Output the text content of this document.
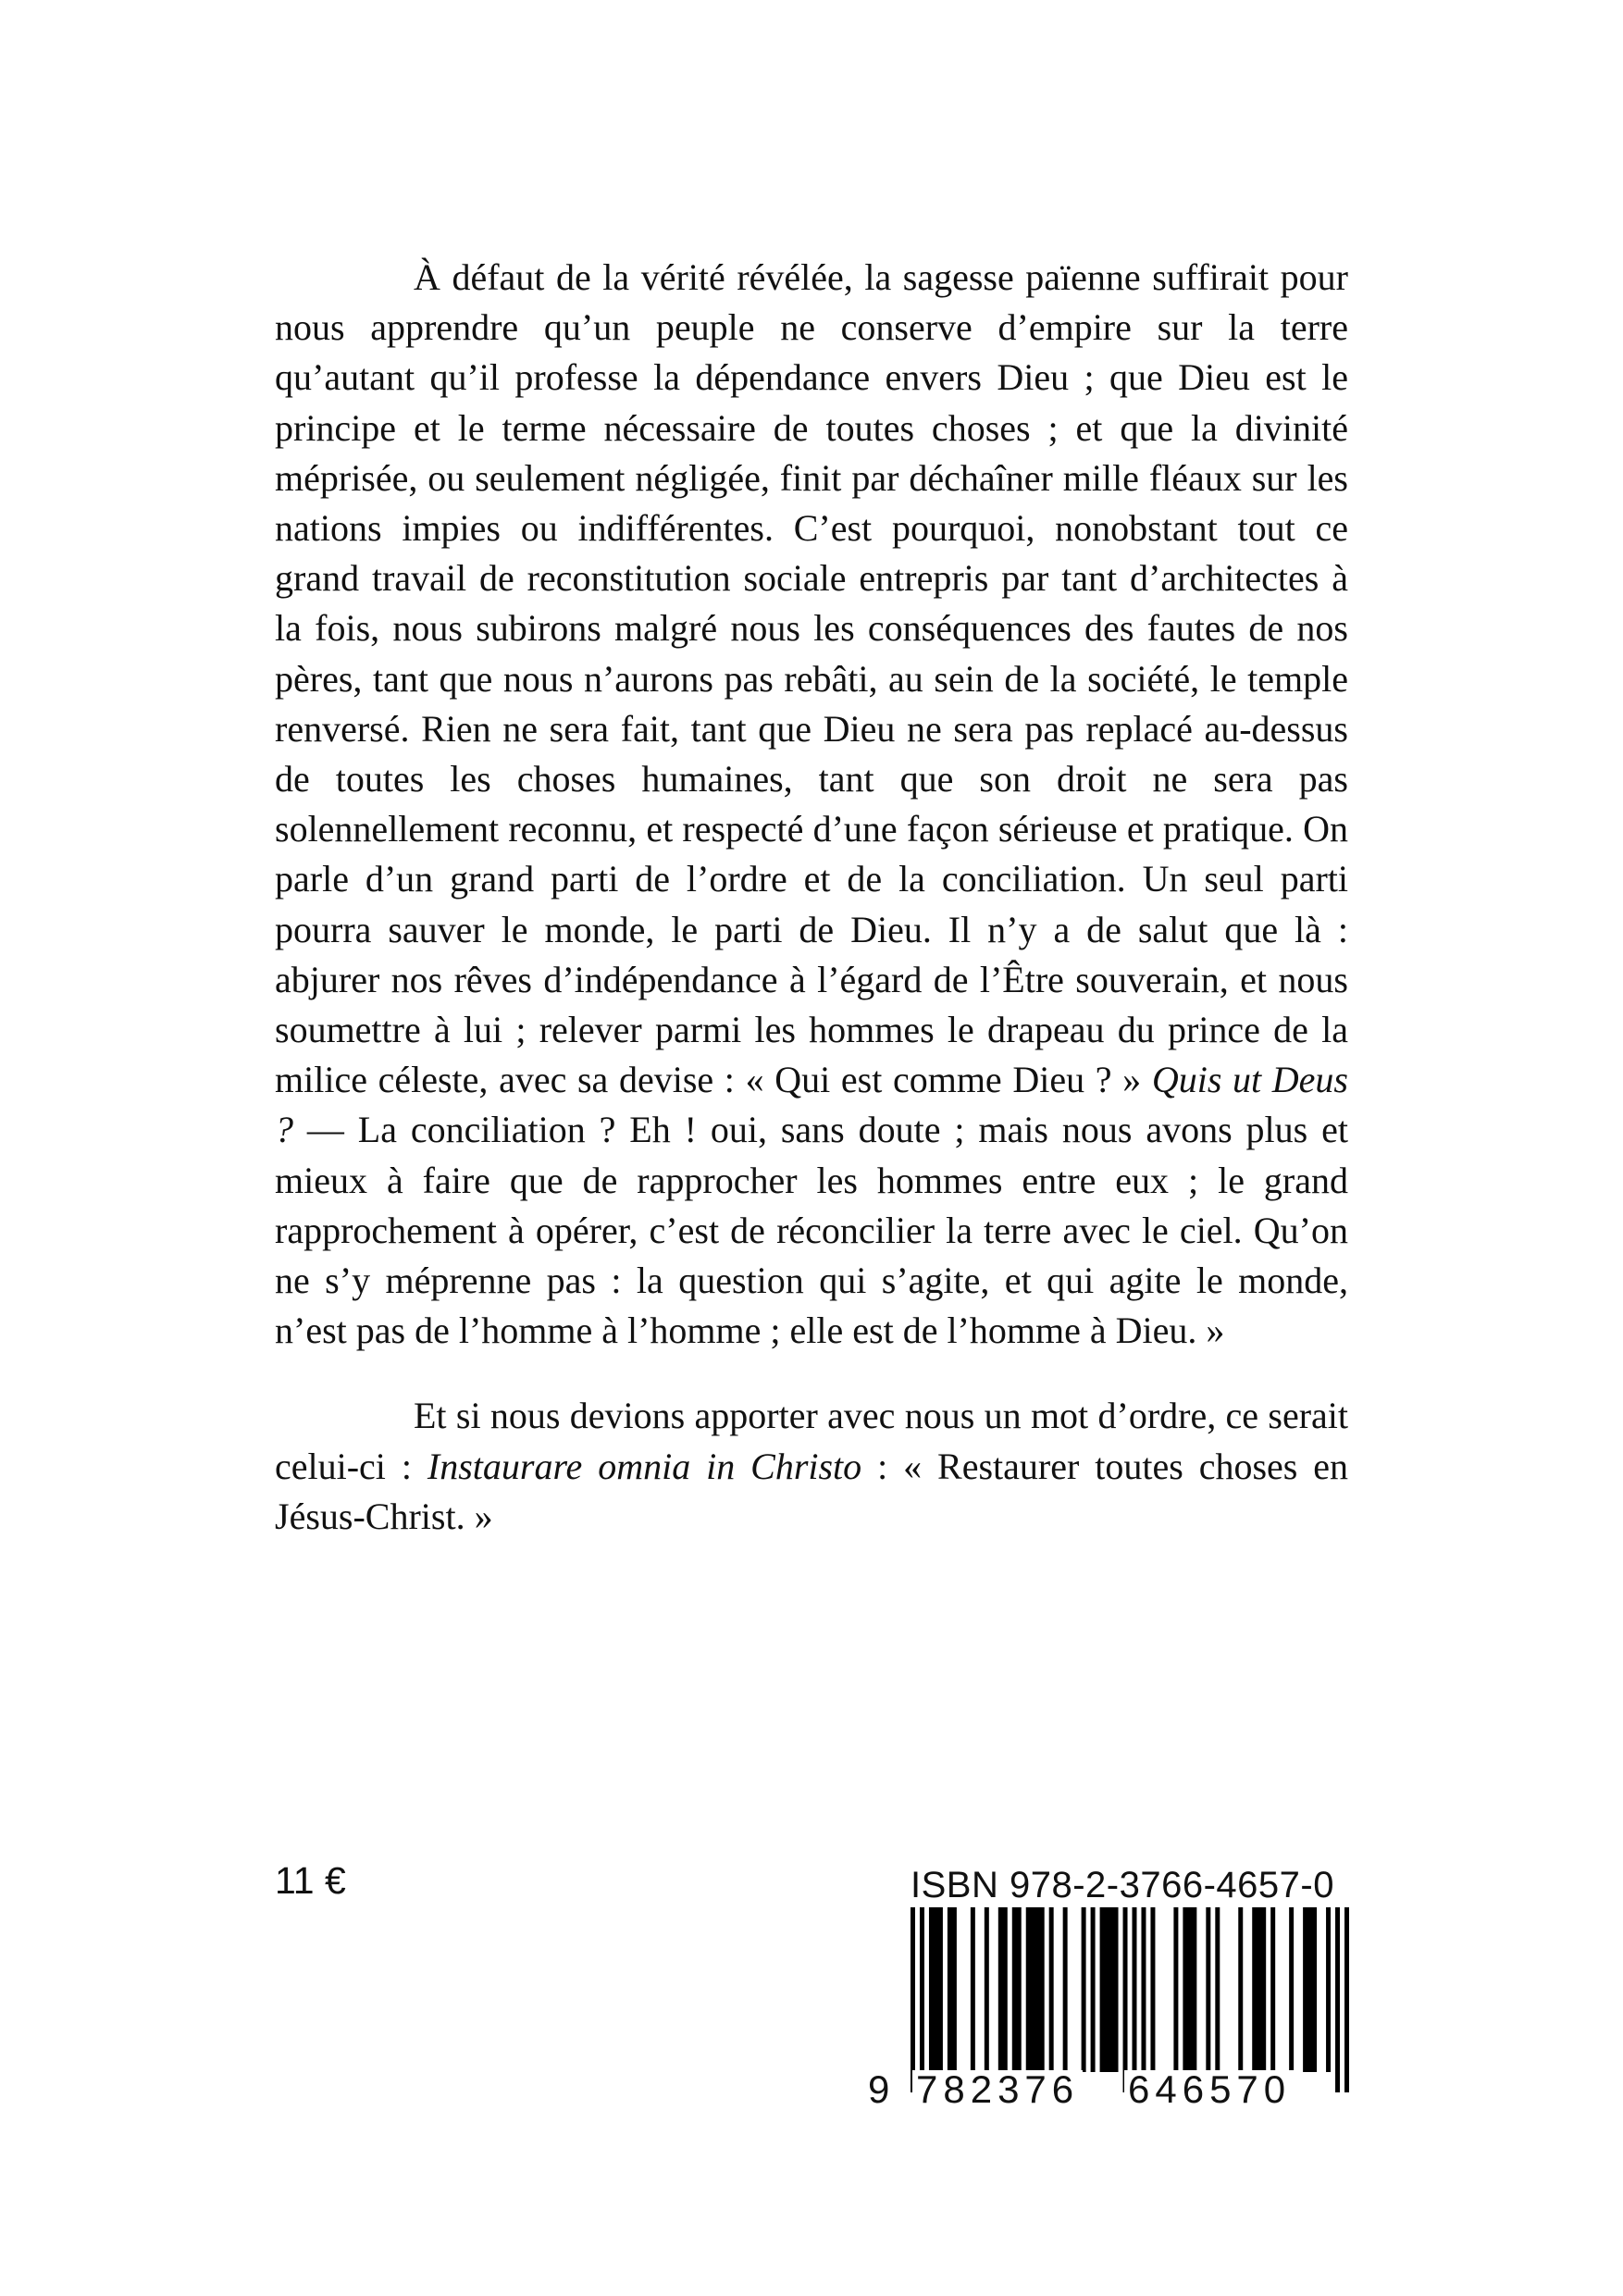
À défaut de la vérité révélée, la sagesse païenne suffirait pour nous apprendre qu’un peuple ne conserve d’empire sur la terre qu’autant qu’il professe la dépendance envers Dieu ; que Dieu est le principe et le terme nécessaire de toutes choses ; et que la divinité méprisée, ou seulement négligée, finit par déchaîner mille fléaux sur les nations impies ou indifférentes. C’est pourquoi, nonobstant tout ce grand travail de reconstitution sociale entrepris par tant d’architectes à la fois, nous subirons malgré nous les conséquences des fautes de nos pères, tant que nous n’aurons pas rebâti, au sein de la société, le temple renversé. Rien ne sera fait, tant que Dieu ne sera pas replacé au-dessus de toutes les choses humaines, tant que son droit ne sera pas solennellement reconnu, et respecté d’une façon sérieuse et pratique. On parle d’un grand parti de l’ordre et de la conciliation. Un seul parti pourra sauver le monde, le parti de Dieu. Il n’y a de salut que là : abjurer nos rêves d’indépendance à l’égard de l’Être souverain, et nous soumettre à lui ; relever parmi les hommes le drapeau du prince de la milice céleste, avec sa devise : « Qui est comme Dieu ? » Quis ut Deus ? — La conciliation ? Eh ! oui, sans doute ; mais nous avons plus et mieux à faire que de rapprocher les hommes entre eux ; le grand rapprochement à opérer, c’est de réconcilier la terre avec le ciel. Qu’on ne s’y méprenne pas : la question qui s’agite, et qui agite le monde, n’est pas de l’homme à l’homme ; elle est de l’homme à Dieu. »

Et si nous devions apporter avec nous un mot d’ordre, ce serait celui-ci : Instaurare omnia in Christo : « Restaurer toutes choses en Jésus-Christ. »

11 €	ISBN 978-2-3766-4657-0
9 782376 646570
